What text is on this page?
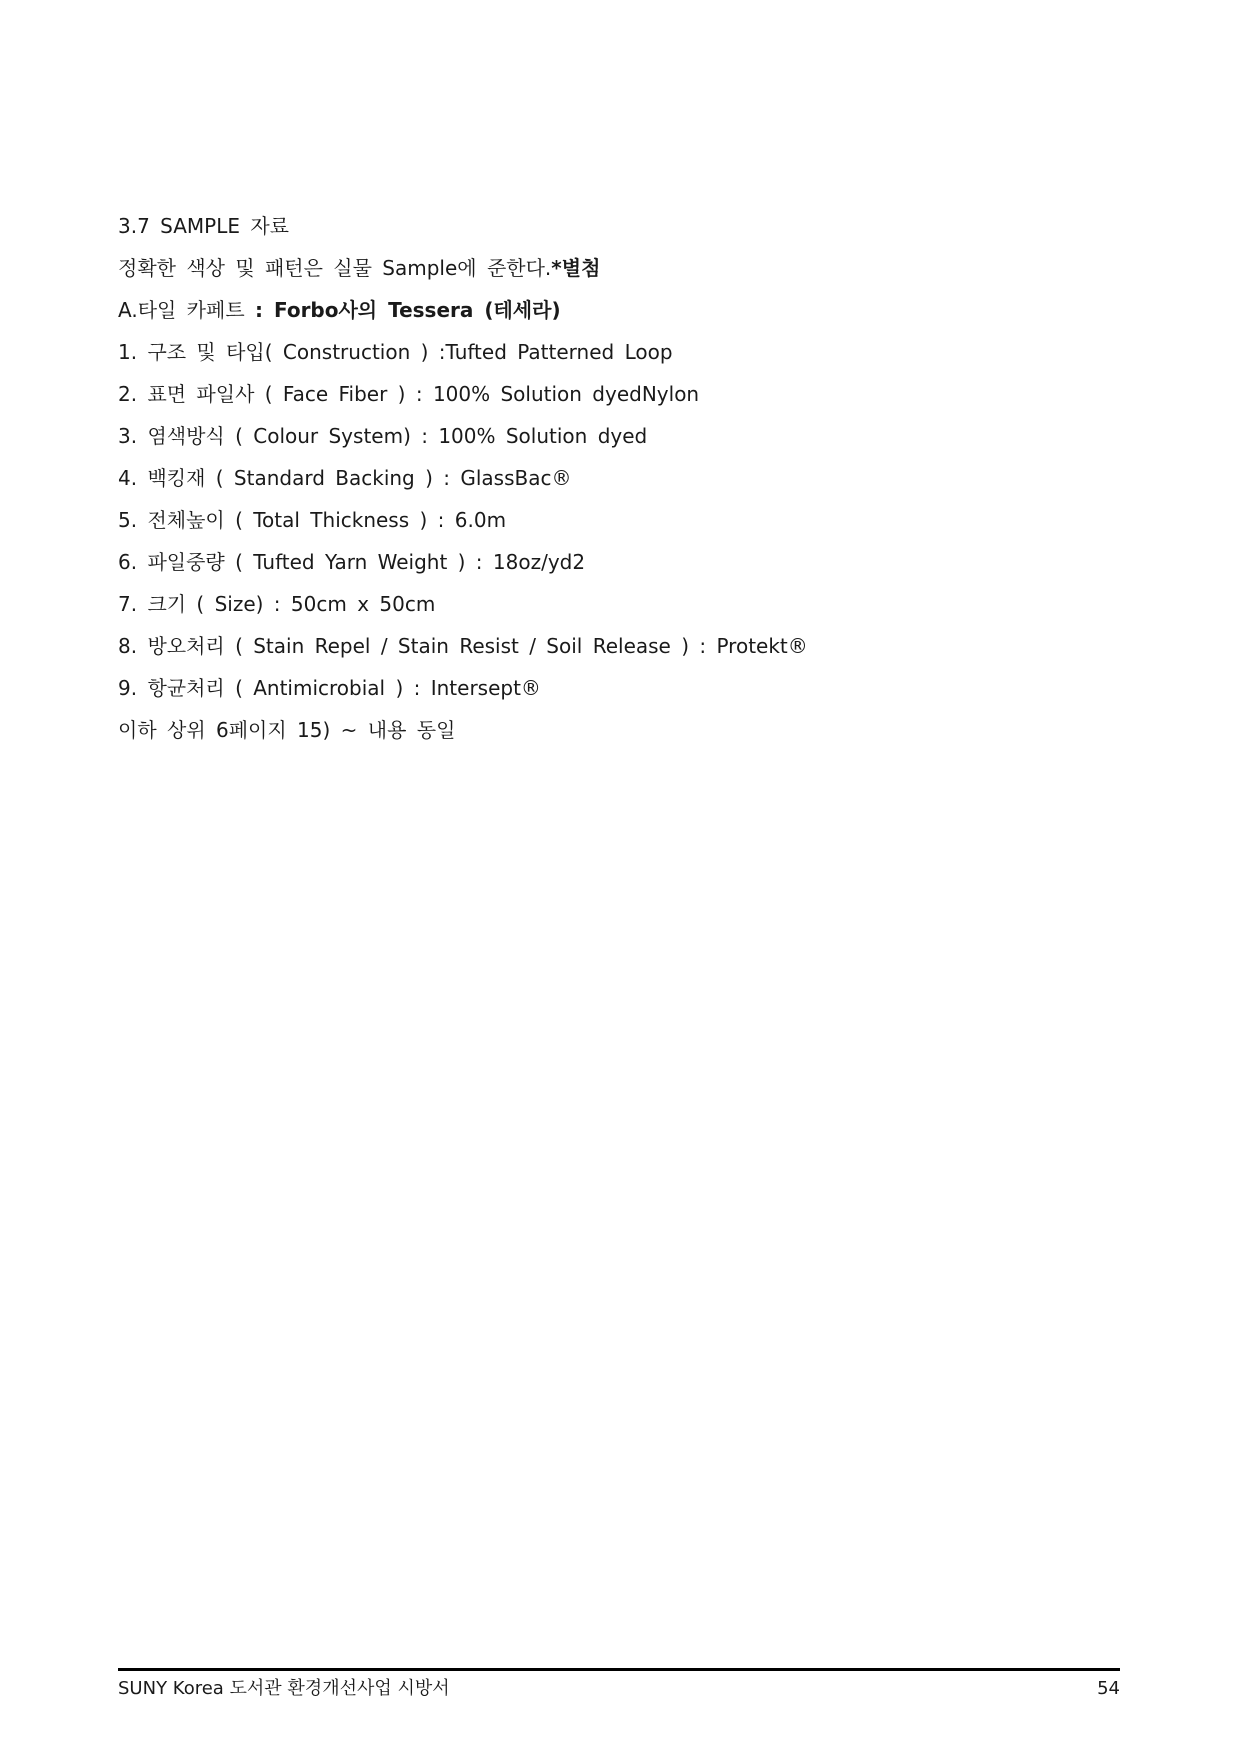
3.7 SAMPLE 자료
정확한 색상 및 패턴은 실물 Sample에 준한다.*별첨
A.타일 카페트 : Forbo사의 Tessera (테세라)
1. 구조 및 타입( Construction ) :Tufted Patterned Loop
2. 표면 파일사 ( Face Fiber ) : 100% Solution dyedNylon
3. 염색방식 ( Colour System) : 100% Solution dyed
4. 백킹재 ( Standard Backing ) : GlassBac®
5. 전체높이 ( Total Thickness ) : 6.0m
6. 파일중량 ( Tufted Yarn Weight ) : 18oz/yd2
7. 크기 ( Size) : 50cm x 50cm
8. 방오처리 ( Stain Repel / Stain Resist / Soil Release ) : Protekt®
9. 항균처리 ( Antimicrobial ) : Intersept®
이하 상위 6페이지 15) ~ 내용 동일
SUNY Korea 도서관 환경개선사업 시방서	54
